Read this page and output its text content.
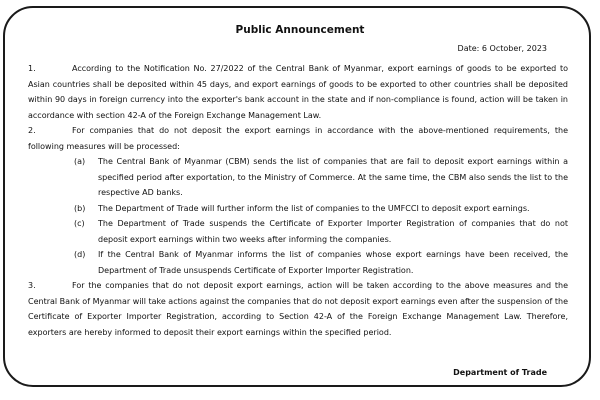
Public Announcement
Date: 6 October, 2023

1.	According to the Notification No. 27/2022 of the Central Bank of Myanmar, export earnings of goods to be exported to Asian countries shall be deposited within 45 days, and export earnings of goods to be exported to other countries shall be deposited within 90 days in foreign currency into the exporter's bank account in the state and if non-compliance is found, action will be taken in accordance with section 42-A of the Foreign Exchange Management Law.

2.	For companies that do not deposit the export earnings in accordance with the above-mentioned requirements, the following measures will be processed:

(a)	The Central Bank of Myanmar (CBM) sends the list of companies that are fail to deposit export earnings within a specified period after exportation, to the Ministry of Commerce. At the same time, the CBM also sends the list to the respective AD banks.
(b)	The Department of Trade will further inform the list of companies to the UMFCCI to deposit export earnings.
(c)	The Department of Trade suspends the Certificate of Exporter Importer Registration of companies that do not deposit export earnings within two weeks after informing the companies.
(d)	If the Central Bank of Myanmar informs the list of companies whose export earnings have been received, the Department of Trade unsuspends Certificate of Exporter Importer Registration.

3.	For the companies that do not deposit export earnings, action will be taken according to the above measures and the Central Bank of Myanmar will take actions against the companies that do not deposit export earnings even after the suspension of the Certificate of Exporter Importer Registration, according to Section 42-A of the Foreign Exchange Management Law. Therefore, exporters are hereby informed to deposit their export earnings within the specified period.

Department of Trade
